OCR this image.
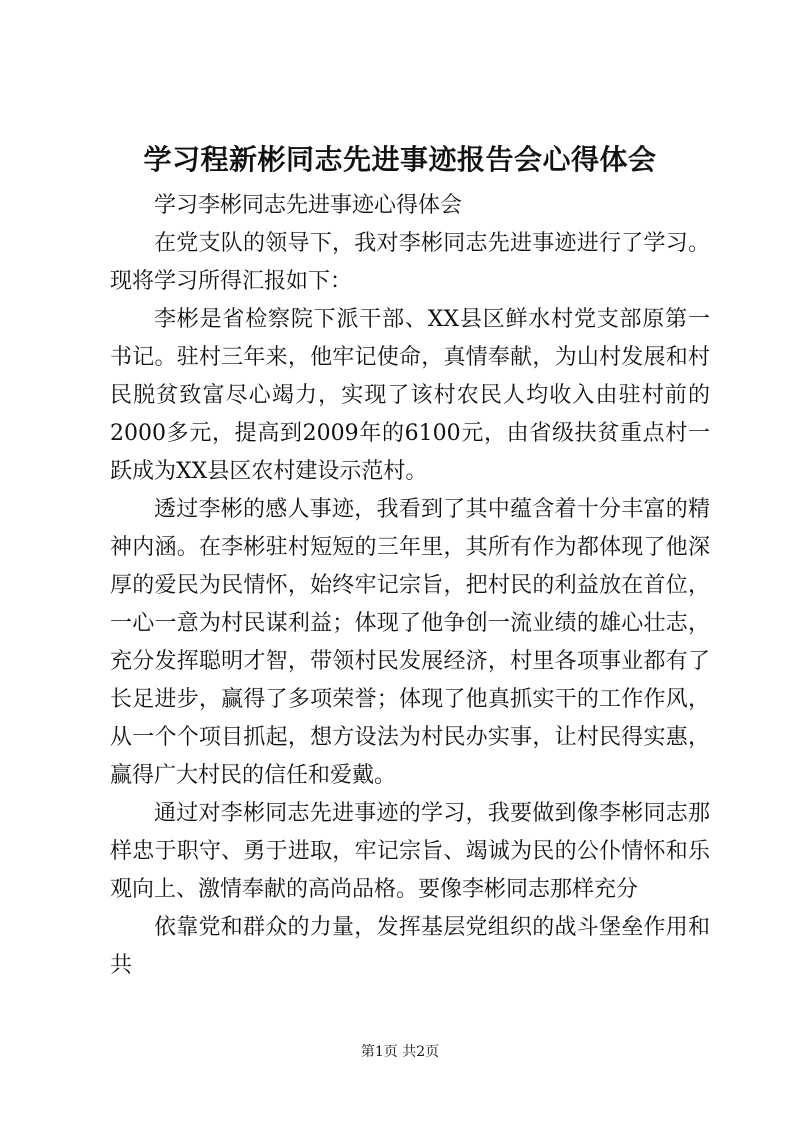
学习程新彬同志先进事迹报告会心得体会

学习李彬同志先进事迹心得体会

在党支队的领导下，我对李彬同志先进事迹进行了学习。现将学习所得汇报如下：

李彬是省检察院下派干部、XX县区鲜水村党支部原第一书记。驻村三年来，他牢记使命，真情奉献，为山村发展和村民脱贫致富尽心竭力，实现了该村农民人均收入由驻村前的2000多元，提高到2009年的6100元，由省级扶贫重点村一跃成为XX县区农村建设示范村。

透过李彬的感人事迹，我看到了其中蕴含着十分丰富的精神内涵。在李彬驻村短短的三年里，其所有作为都体现了他深厚的爱民为民情怀，始终牢记宗旨，把村民的利益放在首位，一心一意为村民谋利益；体现了他争创一流业绩的雄心壮志，充分发挥聪明才智，带领村民发展经济，村里各项事业都有了长足进步，赢得了多项荣誉；体现了他真抓实干的工作作风，从一个个项目抓起，想方设法为村民办实事，让村民得实惠，赢得广大村民的信任和爱戴。

通过对李彬同志先进事迹的学习，我要做到像李彬同志那样忠于职守、勇于进取，牢记宗旨、竭诚为民的公仆情怀和乐观向上、激情奉献的高尚品格。要像李彬同志那样充分

依靠党和群众的力量，发挥基层党组织的战斗堡垒作用和共

第1页 共2页
